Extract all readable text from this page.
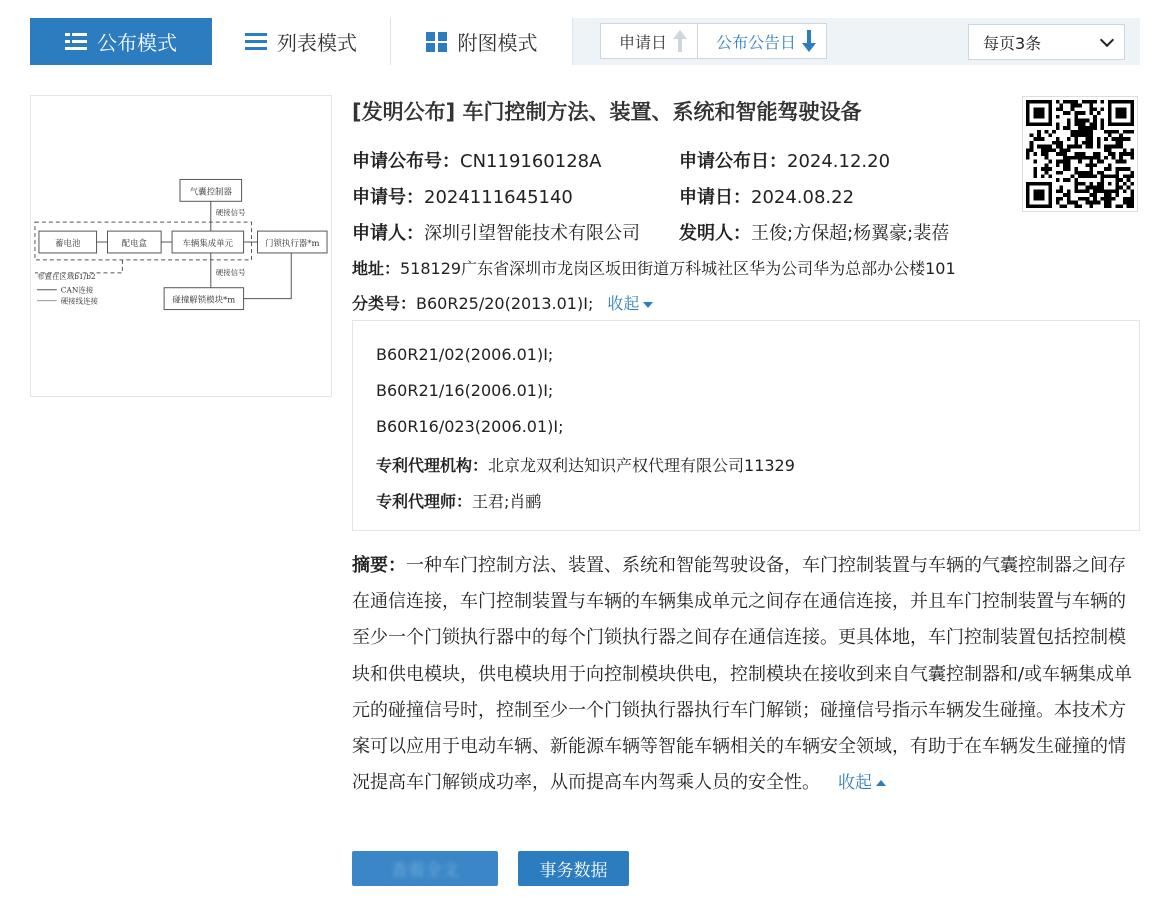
公布模式	列表模式	附图模式	申请日	公布公告日	每页3条
气囊控制器
蓄电池	配电盒	车辆集成单元	门锁执行器*m
碰撞解锁模块*m
硬接信号
硬接信号
布置在区域b1/b2
CAN连接
硬接线连接
[发明公布] 车门控制方法、装置、系统和智能驾驶设备
申请公布号：CN119160128A	申请公布日：2024.12.20
申请号：2024111645140	申请日：2024.08.22
申请人：深圳引望智能技术有限公司 发明人：王俊;方保超;杨翼豪;裴蓓
地址：518129广东省深圳市龙岗区坂田街道万科城社区华为公司华为总部办公楼101
分类号：B60R25/20(2013.01)I; 收起
B60R21/02(2006.01)I;
B60R21/16(2006.01)I;
B60R16/023(2006.01)I;
专利代理机构：北京龙双利达知识产权代理有限公司11329
专利代理师：王君;肖鹂
摘要：一种车门控制方法、装置、系统和智能驾驶设备，车门控制装置与车辆的气囊控制器之间存在通信连接，车门控制装置与车辆的车辆集成单元之间存在通信连接，并且车门控制装置与车辆的至少一个门锁执行器中的每个门锁执行器之间存在通信连接。更具体地，车门控制装置包括控制模块和供电模块，供电模块用于向控制模块供电，控制模块在接收到来自气囊控制器和/或车辆集成单元的碰撞信号时，控制至少一个门锁执行器执行车门解锁；碰撞信号指示车辆发生碰撞。本技术方案可以应用于电动车辆、新能源车辆等智能车辆相关的车辆安全领域，有助于在车辆发生碰撞的情况提高车门解锁成功率，从而提高车内驾乘人员的安全性。 收起
查看全文	事务数据
